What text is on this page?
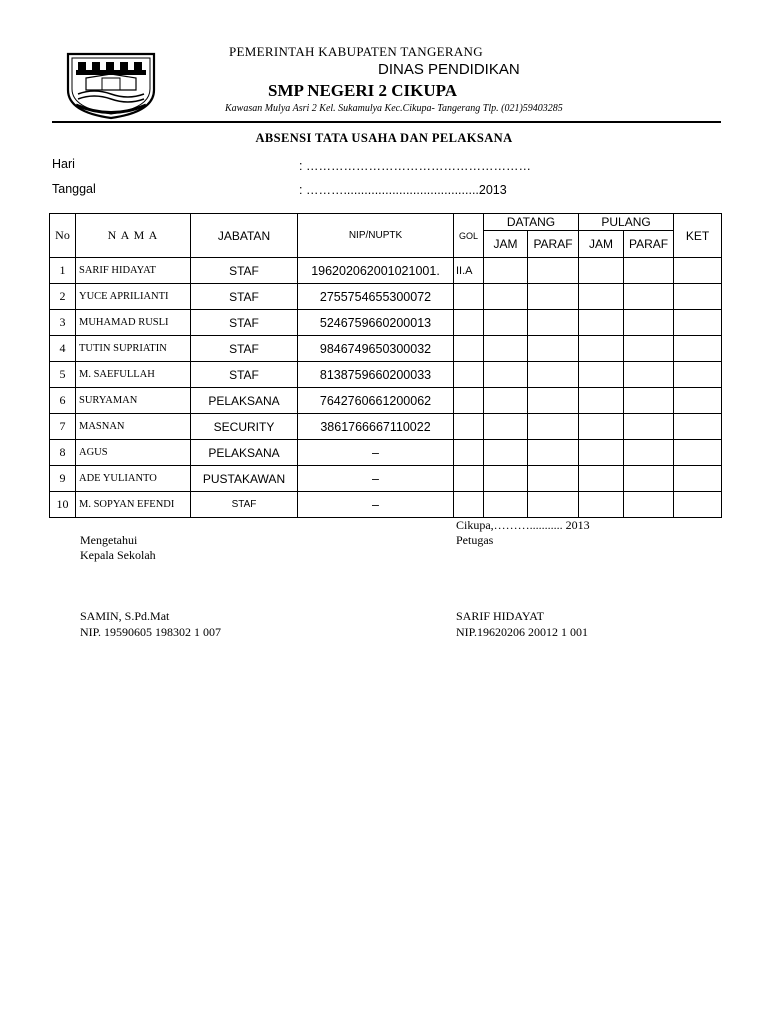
PEMERINTAH KABUPATEN TANGERANG
DINAS PENDIDIKAN
SMP NEGERI 2 CIKUPA
Kawasan Mulya Asri 2 Kel. Sukamulya Kec.Cikupa- Tangerang Tlp. (021)59403285
ABSENSI TATA USAHA DAN PELAKSANA
Hari	: ………………………………………………
Tanggal	: ……….......................................2013
No	N A M A	JABATAN	NIP/NUPTK	GOL	DATANG		PULANG		KET
					JAM	PARAF	JAM	PARAF	
1	SARIF HIDAYAT	STAF	196202062001021001.	II.A					
2	YUCE APRILIANTI	STAF	2755754655300072						
3	MUHAMAD RUSLI	STAF	5246759660200013						
4	TUTIN SUPRIATIN	STAF	9846749650300032						
5	M. SAEFULLAH	STAF	8138759660200033						
6	SURYAMAN	PELAKSANA	7642760661200062						
7	MASNAN	SECURITY	3861766667110022						
8	AGUS	PELAKSANA	–						
9	ADE YULIANTO	PUSTAKAWAN	–						
10	M. SOPYAN EFENDI	STAF	–						
Cikupa,………........... 2013
Mengetahui
Kepala Sekolah
Petugas
SAMIN, S.Pd.Mat
NIP. 19590605 198302 1 007
SARIF HIDAYAT
NIP.19620206 20012 1 001
